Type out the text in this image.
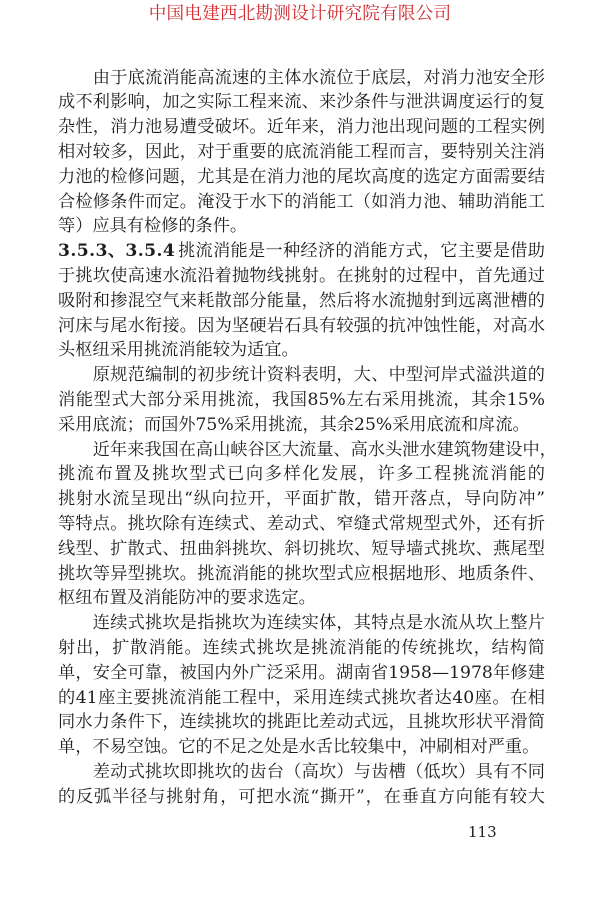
中国电建西北勘测设计研究院有限公司
由于底流消能高流速的主体水流位于底层，对消力池安全形
成不利影响，加之实际工程来流、来沙条件与泄洪调度运行的复
杂性，消力池易遭受破坏。近年来，消力池出现问题的工程实例
相对较多，因此，对于重要的底流消能工程而言，要特别关注消
力池的检修问题，尤其是在消力池的尾坎高度的选定方面需要结
合检修条件而定。淹没于水下的消能工（如消力池、辅助消能工
等）应具有检修的条件。
3.5.3、3.5.4 挑流消能是一种经济的消能方式，它主要是借助
于挑坎使高速水流沿着抛物线挑射。在挑射的过程中，首先通过
吸附和掺混空气来耗散部分能量，然后将水流抛射到远离泄槽的
河床与尾水衔接。因为坚硬岩石具有较强的抗冲蚀性能，对高水
头枢纽采用挑流消能较为适宜。
原规范编制的初步统计资料表明，大、中型河岸式溢洪道的
消能型式大部分采用挑流，我国85%左右采用挑流，其余15%
采用底流；而国外75%采用挑流，其余25%采用底流和戽流。
近年来我国在高山峡谷区大流量、高水头泄水建筑物建设中，
挑流布置及挑坎型式已向多样化发展，许多工程挑流消能的
挑射水流呈现出“纵向拉开，平面扩散，错开落点，导向防冲”
等特点。挑坎除有连续式、差动式、窄缝式常规型式外，还有折
线型、扩散式、扭曲斜挑坎、斜切挑坎、短导墙式挑坎、燕尾型
挑坎等异型挑坎。挑流消能的挑坎型式应根据地形、地质条件、
枢纽布置及消能防冲的要求选定。
连续式挑坎是指挑坎为连续实体，其特点是水流从坎上整片
射出，扩散消能。连续式挑坎是挑流消能的传统挑坎，结构简
单，安全可靠，被国内外广泛采用。湖南省1958—1978年修建
的41座主要挑流消能工程中，采用连续式挑坎者达40座。在相
同水力条件下，连续挑坎的挑距比差动式远，且挑坎形状平滑简
单，不易空蚀。它的不足之处是水舌比较集中，冲刷相对严重。
差动式挑坎即挑坎的齿台（高坎）与齿槽（低坎）具有不同
的反弧半径与挑射角，可把水流“撕开”，在垂直方向能有较大
113
